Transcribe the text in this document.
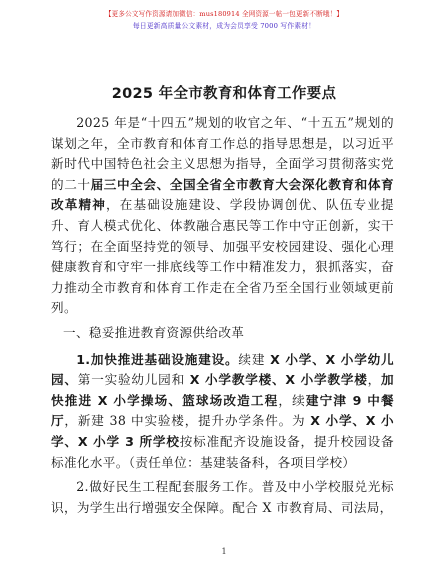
【更多公文写作资源请加微信：mus180914 全网资源一帖一包更新不断哦！】
每日更新高质量公文素材，成为会员享受 7000 写作素材！
2025 年全市教育和体育工作要点

2025 年是“十四五”规划的收官之年、“十五五”规划的谋划之年，全市教育和体育工作总的指导思想是，以习近平新时代中国特色社会主义思想为指导，全面学习贯彻落实党的二十届三中全会、全国全省全市教育大会深化教育和体育改革精神，在基础设施建设、学段协调创优、队伍专业提升、育人模式优化、体教融合惠民等工作中守正创新，实干笃行；在全面坚持党的领导、加强平安校园建设、强化心理健康教育和守牢一排底线等工作中精准发力，狠抓落实，奋力推动全市教育和体育工作走在全省乃至全国行业领域更前列。

一、稳妥推进教育资源供给改革

1.加快推进基础设施建设。续建 X 小学、X 小学幼儿园、第一实验幼儿园和 X 小学教学楼、X 小学教学楼，加快推进 X 小学操场、篮球场改造工程，续建宁津 9 中餐厅，新建 38 中实验楼，提升办学条件。为 X 小学、X 小学、X 小学 3 所学校按标准配齐设施设备，提升校园设备标准化水平。（责任单位：基建装备科，各项目学校）

2.做好民生工程配套服务工作。普及中小学校服兑光标识，为学生出行增强安全保障。配合 X 市教育局、司法局，

1
